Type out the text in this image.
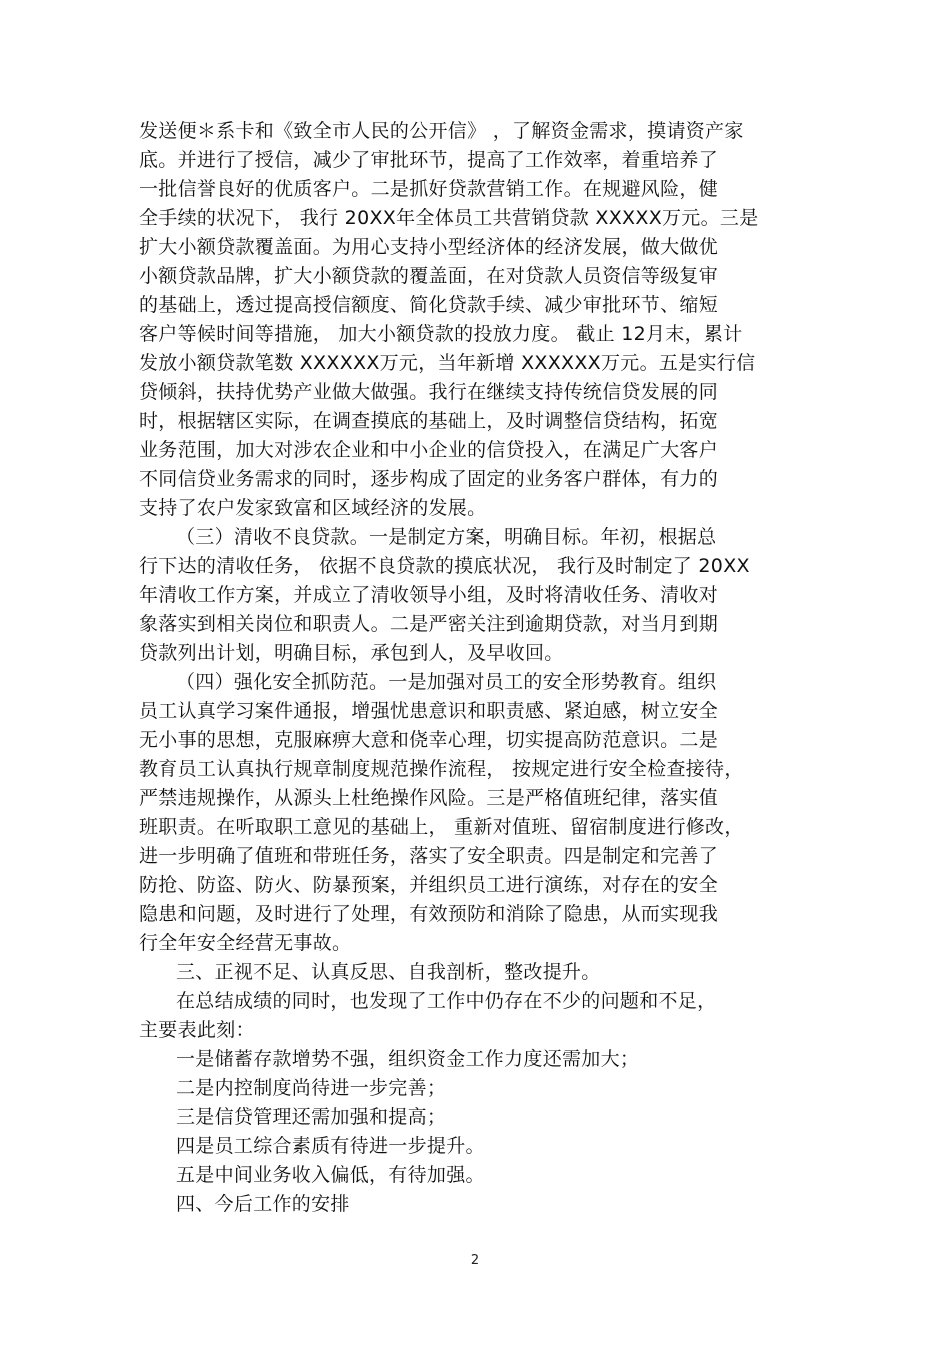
发送便＊系卡和《致全市人民的公开信》 ，了解资金需求，摸请资产家
底。并进行了授信，减少了审批环节，提高了工作效率，着重培养了
一批信誉良好的优质客户。二是抓好贷款营销工作。在规避风险，健
全手续的状况下， 我行 20XX年全体员工共营销贷款 XXXXX万元。三是
扩大小额贷款覆盖面。为用心支持小型经济体的经济发展，做大做优
小额贷款品牌，扩大小额贷款的覆盖面，在对贷款人员资信等级复审
的基础上，透过提高授信额度、简化贷款手续、减少审批环节、缩短
客户等候时间等措施， 加大小额贷款的投放力度。 截止 12月末，累计
发放小额贷款笔数 XXXXXX万元，当年新增 XXXXXX万元。五是实行信
贷倾斜，扶持优势产业做大做强。我行在继续支持传统信贷发展的同
时，根据辖区实际，在调查摸底的基础上，及时调整信贷结构，拓宽
业务范围，加大对涉农企业和中小企业的信贷投入，在满足广大客户
不同信贷业务需求的同时，逐步构成了固定的业务客户群体，有力的
支持了农户发家致富和区域经济的发展。
（三）清收不良贷款。一是制定方案，明确目标。年初，根据总
行下达的清收任务， 依据不良贷款的摸底状况， 我行及时制定了 20XX
年清收工作方案，并成立了清收领导小组，及时将清收任务、清收对
象落实到相关岗位和职责人。二是严密关注到逾期贷款，对当月到期
贷款列出计划，明确目标，承包到人，及早收回。
（四）强化安全抓防范。一是加强对员工的安全形势教育。组织
员工认真学习案件通报，增强忧患意识和职责感、紧迫感，树立安全
无小事的思想，克服麻痹大意和侥幸心理，切实提高防范意识。二是
教育员工认真执行规章制度规范操作流程， 按规定进行安全检查接待，
严禁违规操作，从源头上杜绝操作风险。三是严格值班纪律，落实值
班职责。在听取职工意见的基础上， 重新对值班、留宿制度进行修改，
进一步明确了值班和带班任务，落实了安全职责。四是制定和完善了
防抢、防盗、防火、防暴预案，并组织员工进行演练，对存在的安全
隐患和问题，及时进行了处理，有效预防和消除了隐患，从而实现我
行全年安全经营无事故。
三、正视不足、认真反思、自我剖析，整改提升。
在总结成绩的同时，也发现了工作中仍存在不少的问题和不足，
主要表此刻：
一是储蓄存款增势不强，组织资金工作力度还需加大；
二是内控制度尚待进一步完善；
三是信贷管理还需加强和提高；
四是员工综合素质有待进一步提升。
五是中间业务收入偏低，有待加强。
四、今后工作的安排
2
